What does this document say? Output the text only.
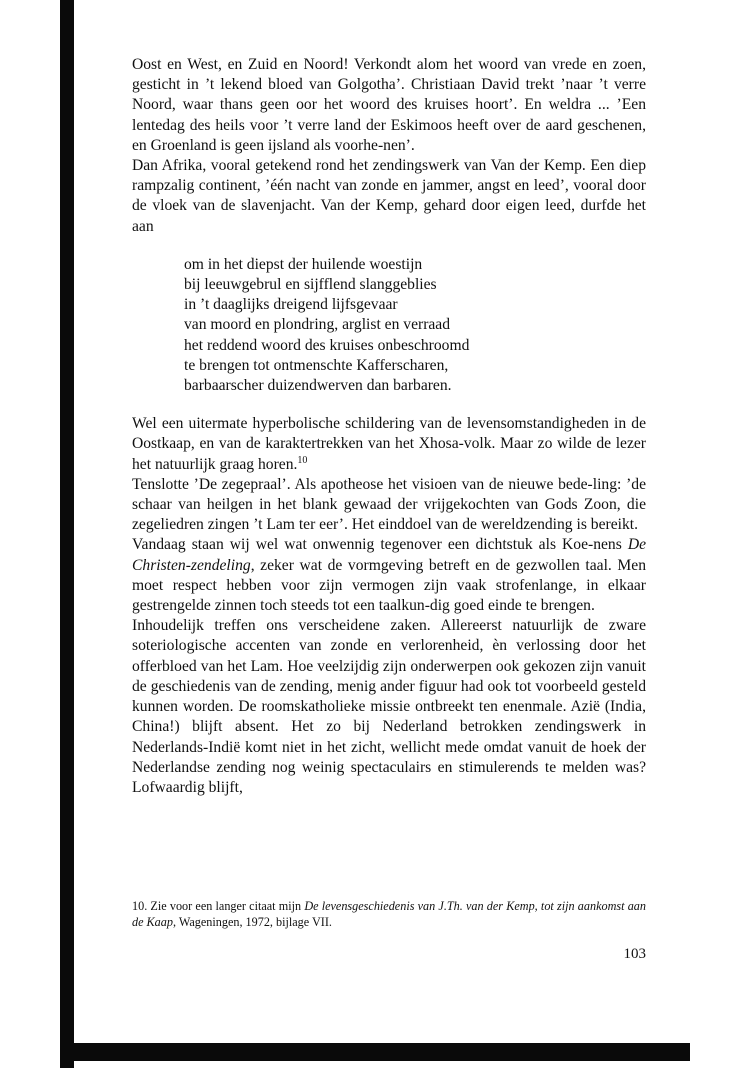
Oost en West, en Zuid en Noord! Verkondt alom het woord van vrede en zoen, gesticht in ’t lekend bloed van Golgotha’. Christiaan David trekt ’naar ’t verre Noord, waar thans geen oor het woord des kruises hoort’. En weldra ... ’Een lentedag des heils voor ’t verre land der Eskimoos heeft over de aard geschenen, en Groenland is geen ijsland als voorhe-nen’.

Dan Afrika, vooral getekend rond het zendingswerk van Van der Kemp. Een diep rampzalig continent, ’één nacht van zonde en jammer, angst en leed’, vooral door de vloek van de slavenjacht. Van der Kemp, gehard door eigen leed, durfde het aan

om in het diepst der huilende woestijn
bij leeuwgebrul en sijfflend slanggeblies
in ’t daaglijks dreigend lijfsgevaar
van moord en plondring, arglist en verraad
het reddend woord des kruises onbeschroomd
te brengen tot ontmenschte Kafferscharen,
barbaarscher duizendwerven dan barbaren.

Wel een uitermate hyperbolische schildering van de levensomstandigheden in de Oostkaap, en van de karaktertrekken van het Xhosa-volk. Maar zo wilde de lezer het natuurlijk graag horen.$^{10}$

Tenslotte ’De zegepraal’. Als apotheose het visioen van de nieuwe bede-ling: ’de schaar van heilgen in het blank gewaad der vrijgekochten van Gods Zoon, die zegeliedren zingen ’t Lam ter eer’. Het einddoel van de wereldzending is bereikt.

Vandaag staan wij wel wat onwennig tegenover een dichtstuk als Koe-nens De Christen-zendeling, zeker wat de vormgeving betreft en de gezwollen taal. Men moet respect hebben voor zijn vermogen zijn vaak strofenlange, in elkaar gestrengelde zinnen toch steeds tot een taalkun-dig goed einde te brengen.

Inhoudelijk treffen ons verscheidene zaken. Allereerst natuurlijk de zware soteriologische accenten van zonde en verlorenheid, èn verlossing door het offerbloed van het Lam. Hoe veelzijdig zijn onderwerpen ook gekozen zijn vanuit de geschiedenis van de zending, menig ander figuur had ook tot voorbeeld gesteld kunnen worden. De roomskatholieke missie ontbreekt ten enenmale. Azië (India, China!) blijft absent. Het zo bij Nederland betrokken zendingswerk in Nederlands-Indië komt niet in het zicht, wellicht mede omdat vanuit de hoek der Nederlandse zending nog weinig spectaculairs en stimulerends te melden was? Lofwaardig blijft,

10. Zie voor een langer citaat mijn De levensgeschiedenis van J.Th. van der Kemp, tot zijn aankomst aan de Kaap, Wageningen, 1972, bijlage VII.

103
